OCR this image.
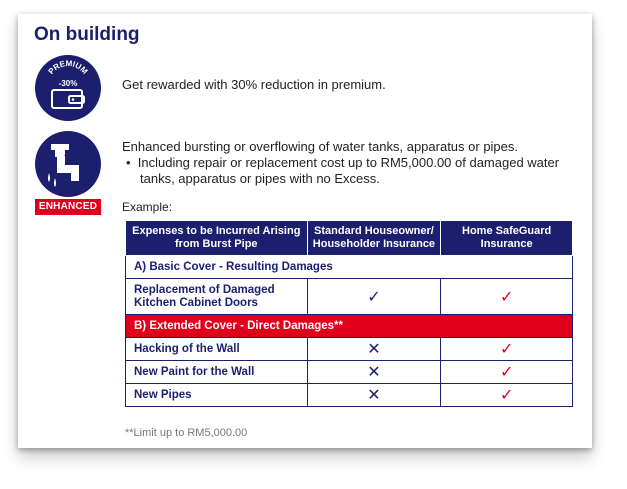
On building
PREMIUM
-30%	Get rewarded with 30% reduction in premium.
ENHANCED
Enhanced bursting or overflowing of water tanks, apparatus or pipes.

•  Including repair or replacement cost up to RM5,000.00 of damaged water tanks, apparatus or pipes with no Excess.

Example:
Expenses to be Incurred Arising from Burst Pipe	Standard Houseowner/ Householder Insurance	Home SafeGuard Insurance
A) Basic Cover - Resulting Damages		
Replacement of Damaged Kitchen Cabinet Doors	✓	✓
B) Extended Cover - Direct Damages**		
Hacking of the Wall	✕	✓
New Paint for the Wall	✕	✓
New Pipes	✕	✓
**Limit up to RM5,000.00
